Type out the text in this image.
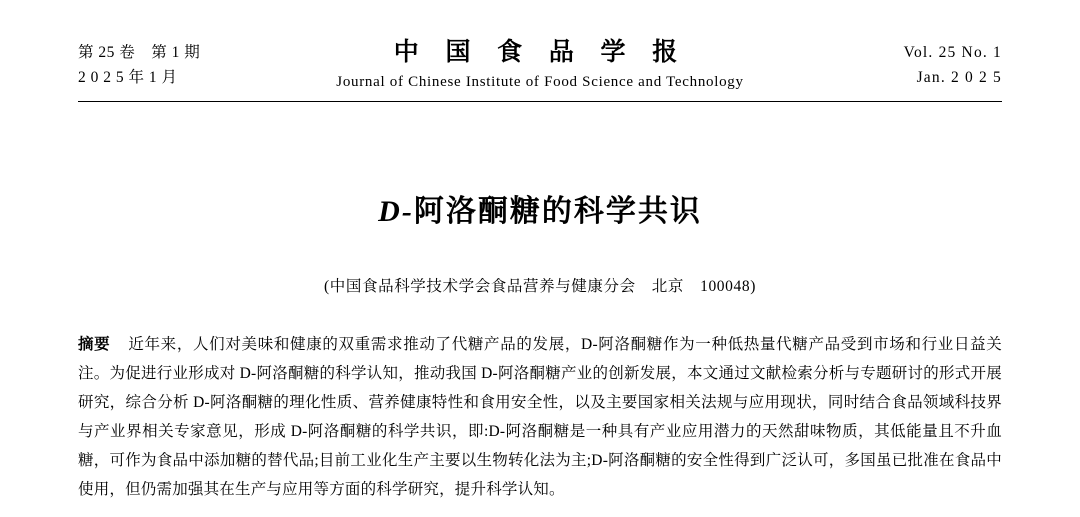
第 25 卷　第 1 期
2 0 2 5 年 1 月
中 国 食 品 学 报
Journal of Chinese Institute of Food Science and Technology
Vol. 25 No. 1
Jan. 2 0 2 5
D-阿洛酮糖的科学共识
(中国食品科学技术学会食品营养与健康分会　北京　100048)
摘要 近年来，人们对美味和健康的双重需求推动了代糖产品的发展，D-阿洛酮糖作为一种低热量代糖产品受到市场和行业日益关注。为促进行业形成对 D-阿洛酮糖的科学认知，推动我国 D-阿洛酮糖产业的创新发展，本文通过文献检索分析与专题研讨的形式开展研究，综合分析 D-阿洛酮糖的理化性质、营养健康特性和食用安全性，以及主要国家相关法规与应用现状，同时结合食品领域科技界与产业界相关专家意见，形成 D-阿洛酮糖的科学共识，即:D-阿洛酮糖是一种具有产业应用潜力的天然甜味物质，其低能量且不升血糖，可作为食品中添加糖的替代品;目前工业化生产主要以生物转化法为主;D-阿洛酮糖的安全性得到广泛认可，多国虽已批准在食品中使用，但仍需加强其在生产与应用等方面的科学研究，提升科学认知。
